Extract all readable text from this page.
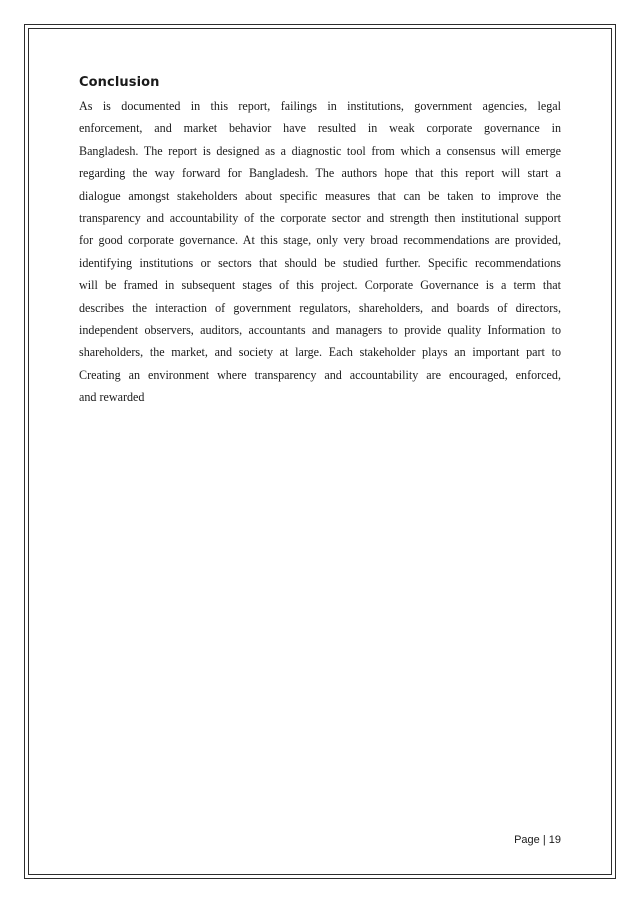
Conclusion
As is documented in this report, failings in institutions, government agencies, legal
enforcement, and market behavior have resulted in weak corporate governance in
Bangladesh. The report is designed as a diagnostic tool from which a consensus will emerge
regarding the way forward for Bangladesh. The authors hope that this report will start a
dialogue amongst stakeholders about specific measures that can be taken to improve the
transparency and accountability of the corporate sector and strength then institutional support
for good corporate governance. At this stage, only very broad recommendations are provided,
identifying institutions or sectors that should be studied further. Specific recommendations
will be framed in subsequent stages of this project. Corporate Governance is a term that
describes the interaction of government regulators, shareholders, and boards of directors,
independent observers, auditors, accountants and managers to provide quality Information to
shareholders, the market, and society at large. Each stakeholder plays an important part to
Creating an environment where transparency and accountability are encouraged, enforced,
and rewarded
Page | 19
